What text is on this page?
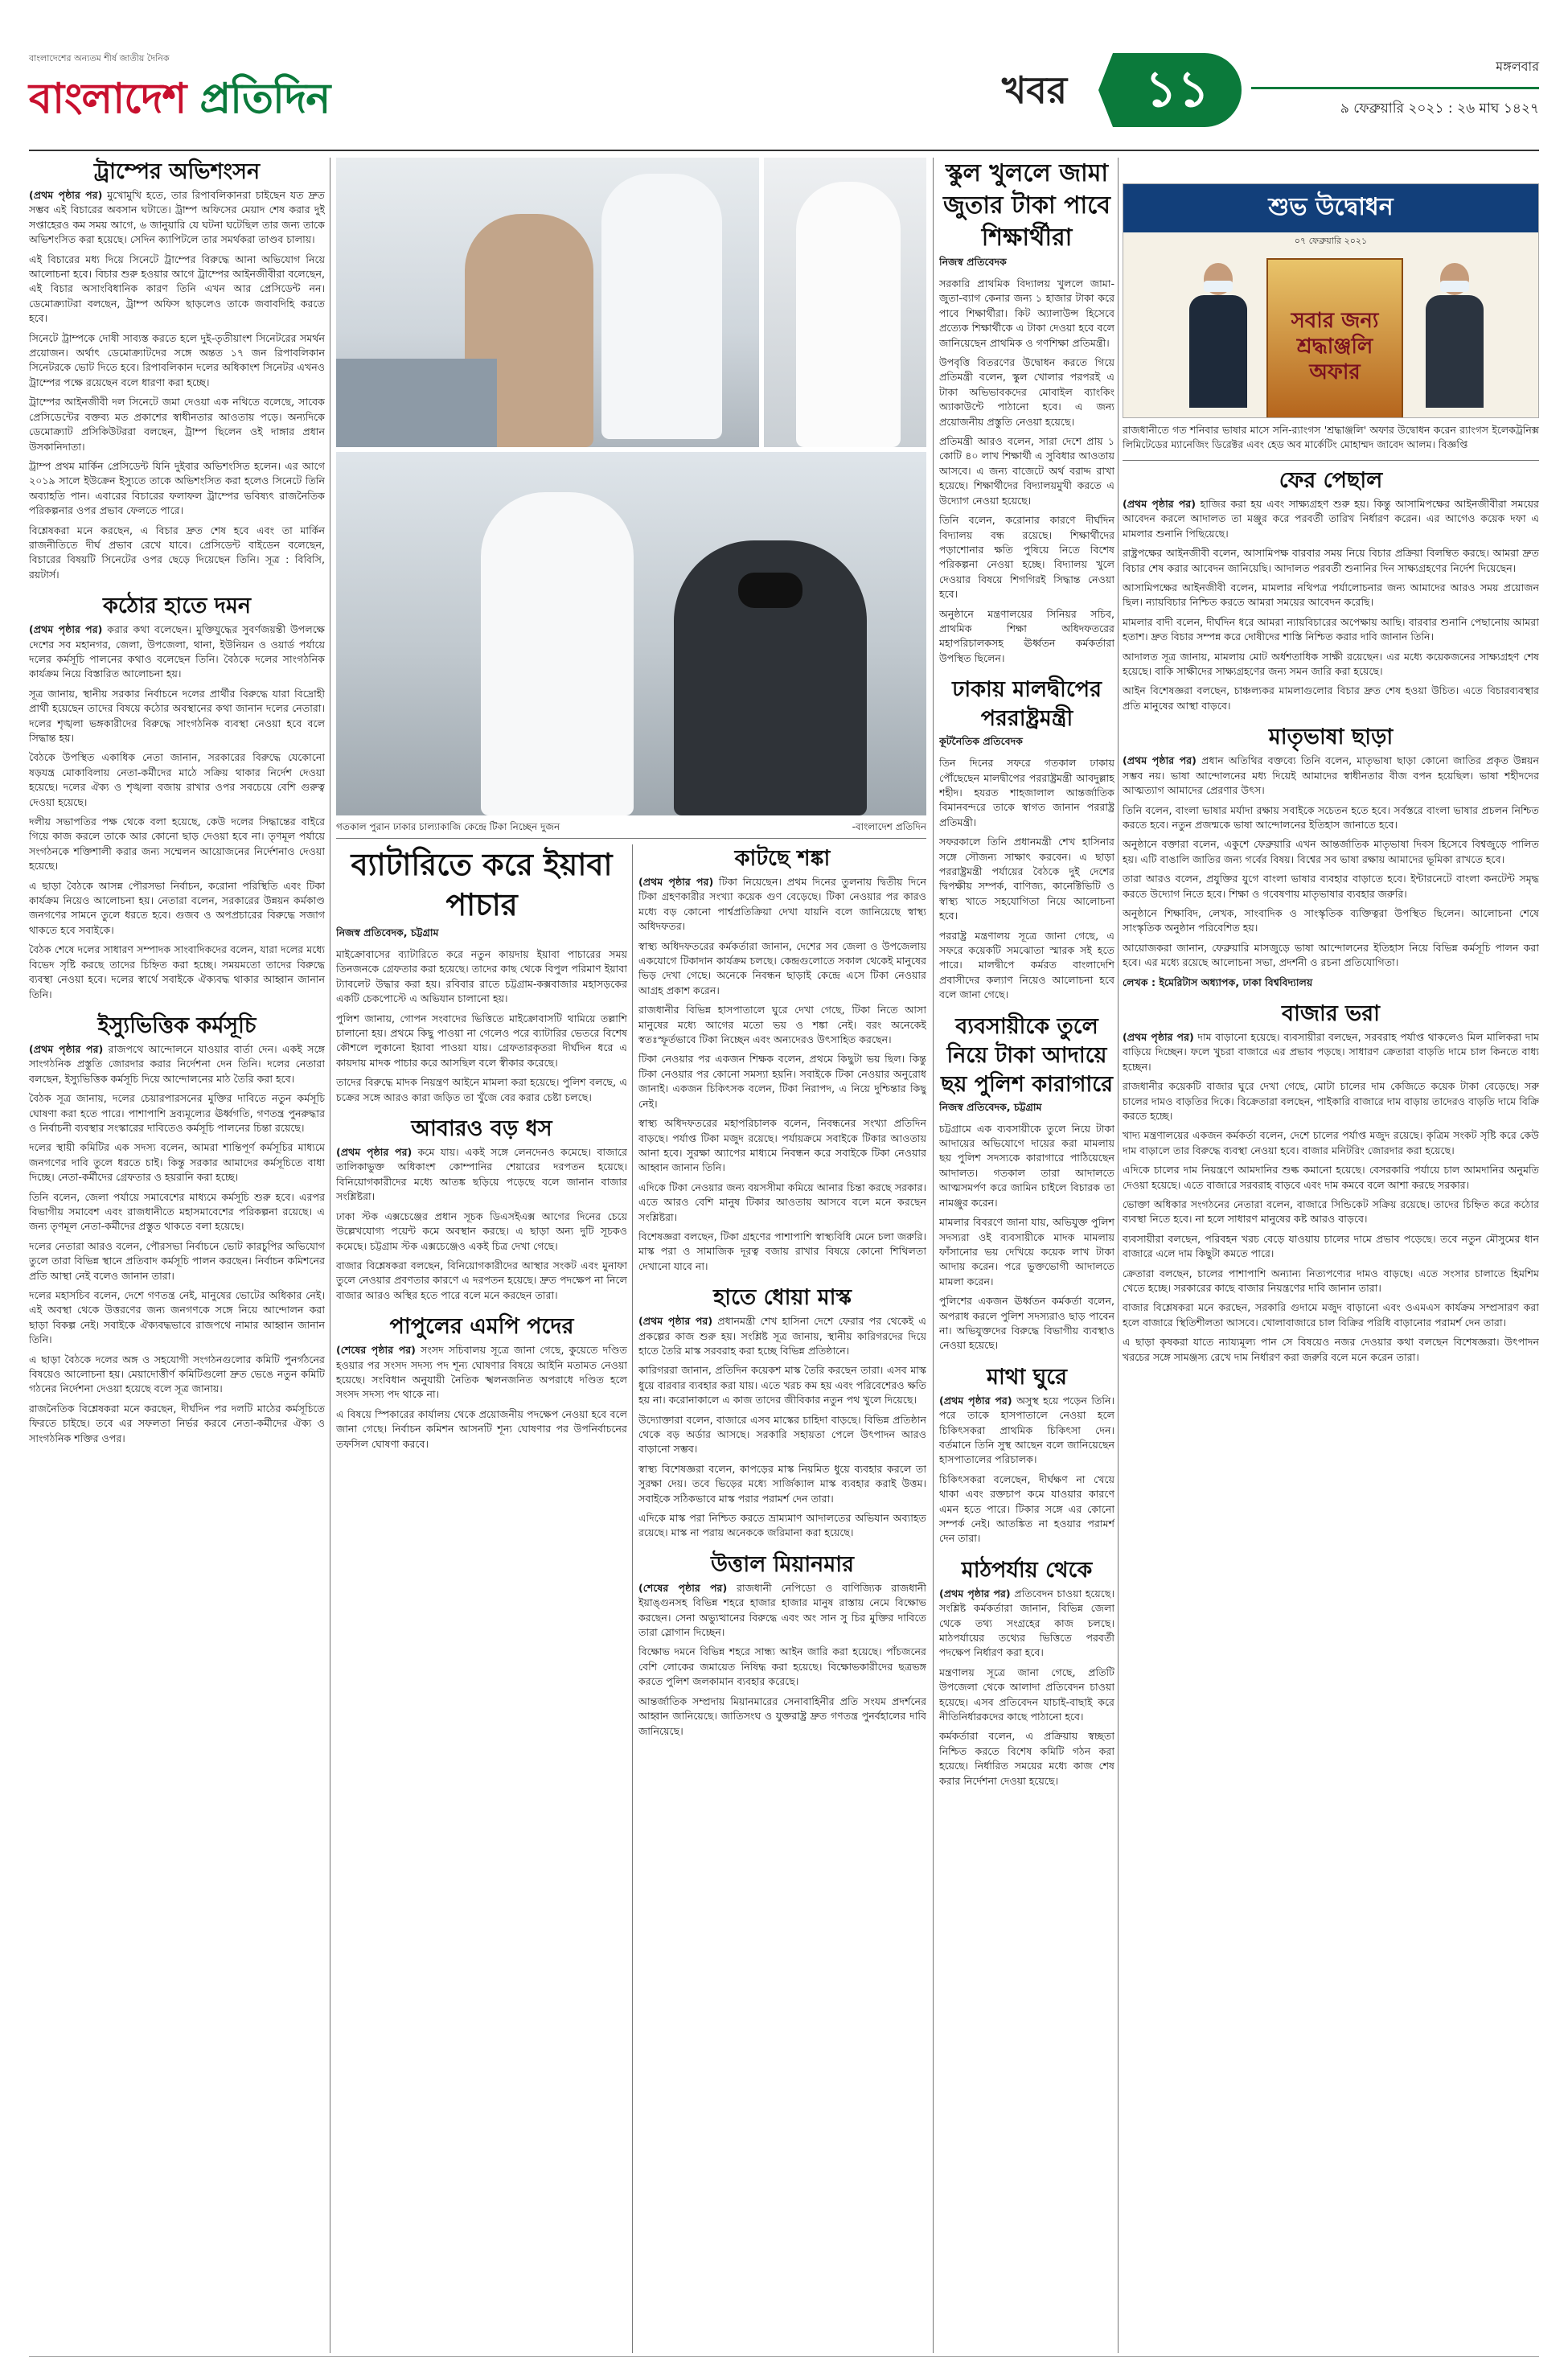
বাংলাদেশের অন্যতম শীর্ষ জাতীয় দৈনিক
বাংলাদেশ প্রতিদিন	খবর	১১	মঙ্গলবার
৯ ফেব্রুয়ারি ২০২১ : ২৬ মাঘ ১৪২৭
ট্রাম্পের অভিশংসন

(প্রথম পৃষ্ঠার পর) মুখোমুখি হতে, তার রিপাবলিকানরা চাইছেন যত দ্রুত সম্ভব এই বিচারের অবসান ঘটাতে। ট্রাম্প অফিসের মেয়াদ শেষ করার দুই সপ্তাহেরও কম সময় আগে, ৬ জানুয়ারি যে ঘটনা ঘটেছিল তার জন্য তাকে অভিশংসিত করা হয়েছে। সেদিন ক্যাপিটলে তার সমর্থকরা তাণ্ডব চালায়।

এই বিচারের মধ্য দিয়ে সিনেটে ট্রাম্পের বিরুদ্ধে আনা অভিযোগ নিয়ে আলোচনা হবে। বিচার শুরু হওয়ার আগে ট্রাম্পের আইনজীবীরা বলেছেন, এই বিচার অসাংবিধানিক কারণ তিনি এখন আর প্রেসিডেন্ট নন। ডেমোক্র্যাটরা বলছেন, ট্রাম্প অফিস ছাড়লেও তাকে জবাবদিহি করতে হবে।

সিনেটে ট্রাম্পকে দোষী সাব্যস্ত করতে হলে দুই-তৃতীয়াংশ সিনেটরের সমর্থন প্রয়োজন। অর্থাৎ ডেমোক্র্যাটদের সঙ্গে অন্তত ১৭ জন রিপাবলিকান সিনেটরকে ভোট দিতে হবে। রিপাবলিকান দলের অধিকাংশ সিনেটর এখনও ট্রাম্পের পক্ষে রয়েছেন বলে ধারণা করা হচ্ছে।

ট্রাম্পের আইনজীবী দল সিনেটে জমা দেওয়া এক নথিতে বলেছে, সাবেক প্রেসিডেন্টের বক্তব্য মত প্রকাশের স্বাধীনতার আওতায় পড়ে। অন্যদিকে ডেমোক্র্যাট প্রসিকিউটররা বলছেন, ট্রাম্প ছিলেন ওই দাঙ্গার প্রধান উসকানিদাতা।

ট্রাম্প প্রথম মার্কিন প্রেসিডেন্ট যিনি দুইবার অভিশংসিত হলেন। এর আগে ২০১৯ সালে ইউক্রেন ইস্যুতে তাকে অভিশংসিত করা হলেও সিনেটে তিনি অব্যাহতি পান। এবারের বিচারের ফলাফল ট্রাম্পের ভবিষ্যৎ রাজনৈতিক পরিকল্পনার ওপর প্রভাব ফেলতে পারে।

বিশ্লেষকরা মনে করছেন, এ বিচার দ্রুত শেষ হবে এবং তা মার্কিন রাজনীতিতে দীর্ঘ প্রভাব রেখে যাবে। প্রেসিডেন্ট বাইডেন বলেছেন, বিচারের বিষয়টি সিনেটের ওপর ছেড়ে দিয়েছেন তিনি। সূত্র : বিবিসি, রয়টার্স।

কঠোর হাতে দমন

(প্রথম পৃষ্ঠার পর) করার কথা বলেছেন। মুক্তিযুদ্ধের সুবর্ণজয়ন্তী উপলক্ষে দেশের সব মহানগর, জেলা, উপজেলা, থানা, ইউনিয়ন ও ওয়ার্ড পর্যায়ে দলের কর্মসূচি পালনের কথাও বলেছেন তিনি। বৈঠকে দলের সাংগঠনিক কার্যক্রম নিয়ে বিস্তারিত আলোচনা হয়।

সূত্র জানায়, স্থানীয় সরকার নির্বাচনে দলের প্রার্থীর বিরুদ্ধে যারা বিদ্রোহী প্রার্থী হয়েছেন তাদের বিষয়ে কঠোর অবস্থানের কথা জানান দলের নেতারা। দলের শৃঙ্খলা ভঙ্গকারীদের বিরুদ্ধে সাংগঠনিক ব্যবস্থা নেওয়া হবে বলে সিদ্ধান্ত হয়।

বৈঠকে উপস্থিত একাধিক নেতা জানান, সরকারের বিরুদ্ধে যেকোনো ষড়যন্ত্র মোকাবিলায় নেতা-কর্মীদের মাঠে সক্রিয় থাকার নির্দেশ দেওয়া হয়েছে। দলের ঐক্য ও শৃঙ্খলা বজায় রাখার ওপর সবচেয়ে বেশি গুরুত্ব দেওয়া হয়েছে।

দলীয় সভাপতির পক্ষ থেকে বলা হয়েছে, কেউ দলের সিদ্ধান্তের বাইরে গিয়ে কাজ করলে তাকে আর কোনো ছাড় দেওয়া হবে না। তৃণমূল পর্যায়ে সংগঠনকে শক্তিশালী করার জন্য সম্মেলন আয়োজনের নির্দেশনাও দেওয়া হয়েছে।

এ ছাড়া বৈঠকে আসন্ন পৌরসভা নির্বাচন, করোনা পরিস্থিতি এবং টিকা কার্যক্রম নিয়েও আলোচনা হয়। নেতারা বলেন, সরকারের উন্নয়ন কর্মকাণ্ড জনগণের সামনে তুলে ধরতে হবে। গুজব ও অপপ্রচারের বিরুদ্ধে সজাগ থাকতে হবে সবাইকে।

বৈঠক শেষে দলের সাধারণ সম্পাদক সাংবাদিকদের বলেন, যারা দলের মধ্যে বিভেদ সৃষ্টি করছে তাদের চিহ্নিত করা হচ্ছে। সময়মতো তাদের বিরুদ্ধে ব্যবস্থা নেওয়া হবে। দলের স্বার্থে সবাইকে ঐক্যবদ্ধ থাকার আহ্বান জানান তিনি।

ইস্যুভিত্তিক কর্মসূচি

(প্রথম পৃষ্ঠার পর) রাজপথে আন্দোলনে যাওয়ার বার্তা দেন। একই সঙ্গে সাংগঠনিক প্রস্তুতি জোরদার করার নির্দেশনা দেন তিনি। দলের নেতারা বলছেন, ইস্যুভিত্তিক কর্মসূচি দিয়ে আন্দোলনের মাঠ তৈরি করা হবে।

বৈঠক সূত্র জানায়, দলের চেয়ারপারসনের মুক্তির দাবিতে নতুন কর্মসূচি ঘোষণা করা হতে পারে। পাশাপাশি দ্রব্যমূল্যের ঊর্ধ্বগতি, গণতন্ত্র পুনরুদ্ধার ও নির্বাচনী ব্যবস্থার সংস্কারের দাবিতেও কর্মসূচি পালনের চিন্তা রয়েছে।

দলের স্থায়ী কমিটির এক সদস্য বলেন, আমরা শান্তিপূর্ণ কর্মসূচির মাধ্যমে জনগণের দাবি তুলে ধরতে চাই। কিন্তু সরকার আমাদের কর্মসূচিতে বাধা দিচ্ছে। নেতা-কর্মীদের গ্রেফতার ও হয়রানি করা হচ্ছে।

তিনি বলেন, জেলা পর্যায়ে সমাবেশের মাধ্যমে কর্মসূচি শুরু হবে। এরপর বিভাগীয় সমাবেশ এবং রাজধানীতে মহাসমাবেশের পরিকল্পনা রয়েছে। এ জন্য তৃণমূল নেতা-কর্মীদের প্রস্তুত থাকতে বলা হয়েছে।

দলের নেতারা আরও বলেন, পৌরসভা নির্বাচনে ভোট কারচুপির অভিযোগ তুলে তারা বিভিন্ন স্থানে প্রতিবাদ কর্মসূচি পালন করছেন। নির্বাচন কমিশনের প্রতি আস্থা নেই বলেও জানান তারা।

দলের মহাসচিব বলেন, দেশে গণতন্ত্র নেই, মানুষের ভোটের অধিকার নেই। এই অবস্থা থেকে উত্তরণের জন্য জনগণকে সঙ্গে নিয়ে আন্দোলন করা ছাড়া বিকল্প নেই। সবাইকে ঐক্যবদ্ধভাবে রাজপথে নামার আহ্বান জানান তিনি।

এ ছাড়া বৈঠকে দলের অঙ্গ ও সহযোগী সংগঠনগুলোর কমিটি পুনর্গঠনের বিষয়েও আলোচনা হয়। মেয়াদোত্তীর্ণ কমিটিগুলো দ্রুত ভেঙে নতুন কমিটি গঠনের নির্দেশনা দেওয়া হয়েছে বলে সূত্র জানায়।

রাজনৈতিক বিশ্লেষকরা মনে করছেন, দীর্ঘদিন পর দলটি মাঠের কর্মসূচিতে ফিরতে চাইছে। তবে এর সফলতা নির্ভর করবে নেতা-কর্মীদের ঐক্য ও সাংগঠনিক শক্তির ওপর।

গতকাল পুরান ঢাকার চাল্যাকাজি কেন্দ্রে টিকা নিচ্ছেন দুজন	-বাংলাদেশ প্রতিদিন
ব্যাটারিতে করে ইয়াবা পাচার
নিজস্ব প্রতিবেদক, চট্টগ্রাম

মাইক্রোবাসের ব্যাটারিতে করে নতুন কায়দায় ইয়াবা পাচারের সময় তিনজনকে গ্রেফতার করা হয়েছে। তাদের কাছ থেকে বিপুল পরিমাণ ইয়াবা ট্যাবলেট উদ্ধার করা হয়। রবিবার রাতে চট্টগ্রাম-কক্সবাজার মহাসড়কের একটি চেকপোস্টে এ অভিযান চালানো হয়।

পুলিশ জানায়, গোপন সংবাদের ভিত্তিতে মাইক্রোবাসটি থামিয়ে তল্লাশি চালানো হয়। প্রথমে কিছু পাওয়া না গেলেও পরে ব্যাটারির ভেতরে বিশেষ কৌশলে লুকানো ইয়াবা পাওয়া যায়। গ্রেফতারকৃতরা দীর্ঘদিন ধরে এ কায়দায় মাদক পাচার করে আসছিল বলে স্বীকার করেছে।

তাদের বিরুদ্ধে মাদক নিয়ন্ত্রণ আইনে মামলা করা হয়েছে। পুলিশ বলছে, এ চক্রের সঙ্গে আরও কারা জড়িত তা খুঁজে বের করার চেষ্টা চলছে।

আবারও বড় ধস

(প্রথম পৃষ্ঠার পর) কমে যায়। একই সঙ্গে লেনদেনও কমেছে। বাজারে তালিকাভুক্ত অধিকাংশ কোম্পানির শেয়ারের দরপতন হয়েছে। বিনিয়োগকারীদের মধ্যে আতঙ্ক ছড়িয়ে পড়েছে বলে জানান বাজার সংশ্লিষ্টরা।

ঢাকা স্টক এক্সচেঞ্জের প্রধান সূচক ডিএসইএক্স আগের দিনের চেয়ে উল্লেখযোগ্য পয়েন্ট কমে অবস্থান করছে। এ ছাড়া অন্য দুটি সূচকও কমেছে। চট্টগ্রাম স্টক এক্সচেঞ্জেও একই চিত্র দেখা গেছে।

বাজার বিশ্লেষকরা বলছেন, বিনিয়োগকারীদের আস্থার সংকট এবং মুনাফা তুলে নেওয়ার প্রবণতার কারণে এ দরপতন হয়েছে। দ্রুত পদক্ষেপ না নিলে বাজার আরও অস্থির হতে পারে বলে মনে করছেন তারা।

পাপুলের এমপি পদের

(শেষের পৃষ্ঠার পর) সংসদ সচিবালয় সূত্রে জানা গেছে, কুয়েতে দণ্ডিত হওয়ার পর সংসদ সদস্য পদ শূন্য ঘোষণার বিষয়ে আইনি মতামত নেওয়া হয়েছে। সংবিধান অনুযায়ী নৈতিক স্খলনজনিত অপরাধে দণ্ডিত হলে সংসদ সদস্য পদ থাকে না।

এ বিষয়ে স্পিকারের কার্যালয় থেকে প্রয়োজনীয় পদক্ষেপ নেওয়া হবে বলে জানা গেছে। নির্বাচন কমিশন আসনটি শূন্য ঘোষণার পর উপনির্বাচনের তফসিল ঘোষণা করবে।

কাটছে শঙ্কা

(প্রথম পৃষ্ঠার পর) টিকা নিয়েছেন। প্রথম দিনের তুলনায় দ্বিতীয় দিনে টিকা গ্রহণকারীর সংখ্যা কয়েক গুণ বেড়েছে। টিকা নেওয়ার পর কারও মধ্যে বড় কোনো পার্শ্বপ্রতিক্রিয়া দেখা যায়নি বলে জানিয়েছে স্বাস্থ্য অধিদফতর।

স্বাস্থ্য অধিদফতরের কর্মকর্তারা জানান, দেশের সব জেলা ও উপজেলায় একযোগে টিকাদান কার্যক্রম চলছে। কেন্দ্রগুলোতে সকাল থেকেই মানুষের ভিড় দেখা গেছে। অনেকে নিবন্ধন ছাড়াই কেন্দ্রে এসে টিকা নেওয়ার আগ্রহ প্রকাশ করেন।

রাজধানীর বিভিন্ন হাসপাতালে ঘুরে দেখা গেছে, টিকা নিতে আসা মানুষের মধ্যে আগের মতো ভয় ও শঙ্কা নেই। বরং অনেকেই স্বতঃস্ফূর্তভাবে টিকা নিচ্ছেন এবং অন্যদেরও উৎসাহিত করছেন।

টিকা নেওয়ার পর একজন শিক্ষক বলেন, প্রথমে কিছুটা ভয় ছিল। কিন্তু টিকা নেওয়ার পর কোনো সমস্যা হয়নি। সবাইকে টিকা নেওয়ার অনুরোধ জানাই। একজন চিকিৎসক বলেন, টিকা নিরাপদ, এ নিয়ে দুশ্চিন্তার কিছু নেই।

স্বাস্থ্য অধিদফতরের মহাপরিচালক বলেন, নিবন্ধনের সংখ্যা প্রতিদিন বাড়ছে। পর্যাপ্ত টিকা মজুদ রয়েছে। পর্যায়ক্রমে সবাইকে টিকার আওতায় আনা হবে। সুরক্ষা অ্যাপের মাধ্যমে নিবন্ধন করে সবাইকে টিকা নেওয়ার আহ্বান জানান তিনি।

এদিকে টিকা নেওয়ার জন্য বয়সসীমা কমিয়ে আনার চিন্তা করছে সরকার। এতে আরও বেশি মানুষ টিকার আওতায় আসবে বলে মনে করছেন সংশ্লিষ্টরা।

বিশেষজ্ঞরা বলছেন, টিকা গ্রহণের পাশাপাশি স্বাস্থ্যবিধি মেনে চলা জরুরি। মাস্ক পরা ও সামাজিক দূরত্ব বজায় রাখার বিষয়ে কোনো শিথিলতা দেখানো যাবে না।

হাতে ধোয়া মাস্ক

(প্রথম পৃষ্ঠার পর) প্রধানমন্ত্রী শেখ হাসিনা দেশে ফেরার পর থেকেই এ প্রকল্পের কাজ শুরু হয়। সংশ্লিষ্ট সূত্র জানায়, স্থানীয় কারিগরদের দিয়ে হাতে তৈরি মাস্ক সরবরাহ করা হচ্ছে বিভিন্ন প্রতিষ্ঠানে।

কারিগররা জানান, প্রতিদিন কয়েকশ মাস্ক তৈরি করছেন তারা। এসব মাস্ক ধুয়ে বারবার ব্যবহার করা যায়। এতে খরচ কম হয় এবং পরিবেশেরও ক্ষতি হয় না। করোনাকালে এ কাজ তাদের জীবিকার নতুন পথ খুলে দিয়েছে।

উদ্যোক্তারা বলেন, বাজারে এসব মাস্কের চাহিদা বাড়ছে। বিভিন্ন প্রতিষ্ঠান থেকে বড় অর্ডার আসছে। সরকারি সহায়তা পেলে উৎপাদন আরও বাড়ানো সম্ভব।

স্বাস্থ্য বিশেষজ্ঞরা বলেন, কাপড়ের মাস্ক নিয়মিত ধুয়ে ব্যবহার করলে তা সুরক্ষা দেয়। তবে ভিড়ের মধ্যে সার্জিক্যাল মাস্ক ব্যবহার করাই উত্তম। সবাইকে সঠিকভাবে মাস্ক পরার পরামর্শ দেন তারা।

এদিকে মাস্ক পরা নিশ্চিত করতে ভ্রাম্যমাণ আদালতের অভিযান অব্যাহত রয়েছে। মাস্ক না পরায় অনেককে জরিমানা করা হয়েছে।

উত্তাল মিয়ানমার

(শেষের পৃষ্ঠার পর) রাজধানী নেপিডো ও বাণিজ্যিক রাজধানী ইয়াঙ্গুনসহ বিভিন্ন শহরে হাজার হাজার মানুষ রাস্তায় নেমে বিক্ষোভ করছেন। সেনা অভ্যুত্থানের বিরুদ্ধে এবং অং সান সু চির মুক্তির দাবিতে তারা স্লোগান দিচ্ছেন।

বিক্ষোভ দমনে বিভিন্ন শহরে সান্ধ্য আইন জারি করা হয়েছে। পাঁচজনের বেশি লোকের জমায়েত নিষিদ্ধ করা হয়েছে। বিক্ষোভকারীদের ছত্রভঙ্গ করতে পুলিশ জলকামান ব্যবহার করেছে।

আন্তর্জাতিক সম্প্রদায় মিয়ানমারের সেনাবাহিনীর প্রতি সংযম প্রদর্শনের আহ্বান জানিয়েছে। জাতিসংঘ ও যুক্তরাষ্ট্র দ্রুত গণতন্ত্র পুনর্বহালের দাবি জানিয়েছে।

স্কুল খুললে জামা জুতার টাকা পাবে শিক্ষার্থীরা
নিজস্ব প্রতিবেদক

সরকারি প্রাথমিক বিদ্যালয় খুললে জামা-জুতা-ব্যাগ কেনার জন্য ১ হাজার টাকা করে পাবে শিক্ষার্থীরা। কিট অ্যালাউন্স হিসেবে প্রত্যেক শিক্ষার্থীকে এ টাকা দেওয়া হবে বলে জানিয়েছেন প্রাথমিক ও গণশিক্ষা প্রতিমন্ত্রী।

উপবৃত্তি বিতরণের উদ্বোধন করতে গিয়ে প্রতিমন্ত্রী বলেন, স্কুল খোলার পরপরই এ টাকা অভিভাবকদের মোবাইল ব্যাংকিং অ্যাকাউন্টে পাঠানো হবে। এ জন্য প্রয়োজনীয় প্রস্তুতি নেওয়া হয়েছে।

প্রতিমন্ত্রী আরও বলেন, সারা দেশে প্রায় ১ কোটি ৪০ লাখ শিক্ষার্থী এ সুবিধার আওতায় আসবে। এ জন্য বাজেটে অর্থ বরাদ্দ রাখা হয়েছে। শিক্ষার্থীদের বিদ্যালয়মুখী করতে এ উদ্যোগ নেওয়া হয়েছে।

তিনি বলেন, করোনার কারণে দীর্ঘদিন বিদ্যালয় বন্ধ রয়েছে। শিক্ষার্থীদের পড়াশোনার ক্ষতি পুষিয়ে নিতে বিশেষ পরিকল্পনা নেওয়া হচ্ছে। বিদ্যালয় খুলে দেওয়ার বিষয়ে শিগগিরই সিদ্ধান্ত নেওয়া হবে।

অনুষ্ঠানে মন্ত্রণালয়ের সিনিয়র সচিব, প্রাথমিক শিক্ষা অধিদফতরের মহাপরিচালকসহ ঊর্ধ্বতন কর্মকর্তারা উপস্থিত ছিলেন।

ঢাকায় মালদ্বীপের পররাষ্ট্রমন্ত্রী
কূটনৈতিক প্রতিবেদক

তিন দিনের সফরে গতকাল ঢাকায় পৌঁছেছেন মালদ্বীপের পররাষ্ট্রমন্ত্রী আবদুল্লাহ শহীদ। হযরত শাহজালাল আন্তর্জাতিক বিমানবন্দরে তাকে স্বাগত জানান পররাষ্ট্র প্রতিমন্ত্রী।

সফরকালে তিনি প্রধানমন্ত্রী শেখ হাসিনার সঙ্গে সৌজন্য সাক্ষাৎ করবেন। এ ছাড়া পররাষ্ট্রমন্ত্রী পর্যায়ের বৈঠকে দুই দেশের দ্বিপক্ষীয় সম্পর্ক, বাণিজ্য, কানেক্টিভিটি ও স্বাস্থ্য খাতে সহযোগিতা নিয়ে আলোচনা হবে।

পররাষ্ট্র মন্ত্রণালয় সূত্রে জানা গেছে, এ সফরে কয়েকটি সমঝোতা স্মারক সই হতে পারে। মালদ্বীপে কর্মরত বাংলাদেশি প্রবাসীদের কল্যাণ নিয়েও আলোচনা হবে বলে জানা গেছে।

ব্যবসায়ীকে তুলে নিয়ে টাকা আদায়ে ছয় পুলিশ কারাগারে
নিজস্ব প্রতিবেদক, চট্টগ্রাম

চট্টগ্রামে এক ব্যবসায়ীকে তুলে নিয়ে টাকা আদায়ের অভিযোগে দায়ের করা মামলায় ছয় পুলিশ সদস্যকে কারাগারে পাঠিয়েছেন আদালত। গতকাল তারা আদালতে আত্মসমর্পণ করে জামিন চাইলে বিচারক তা নামঞ্জুর করেন।

মামলার বিবরণে জানা যায়, অভিযুক্ত পুলিশ সদস্যরা ওই ব্যবসায়ীকে মাদক মামলায় ফাঁসানোর ভয় দেখিয়ে কয়েক লাখ টাকা আদায় করেন। পরে ভুক্তভোগী আদালতে মামলা করেন।

পুলিশের একজন ঊর্ধ্বতন কর্মকর্তা বলেন, অপরাধ করলে পুলিশ সদস্যরাও ছাড় পাবেন না। অভিযুক্তদের বিরুদ্ধে বিভাগীয় ব্যবস্থাও নেওয়া হয়েছে।

মাথা ঘুরে

(প্রথম পৃষ্ঠার পর) অসুস্থ হয়ে পড়েন তিনি। পরে তাকে হাসপাতালে নেওয়া হলে চিকিৎসকরা প্রাথমিক চিকিৎসা দেন। বর্তমানে তিনি সুস্থ আছেন বলে জানিয়েছেন হাসপাতালের পরিচালক।

চিকিৎসকরা বলেছেন, দীর্ঘক্ষণ না খেয়ে থাকা এবং রক্তচাপ কমে যাওয়ার কারণে এমন হতে পারে। টিকার সঙ্গে এর কোনো সম্পর্ক নেই। আতঙ্কিত না হওয়ার পরামর্শ দেন তারা।

মাঠপর্যায় থেকে

(প্রথম পৃষ্ঠার পর) প্রতিবেদন চাওয়া হয়েছে। সংশ্লিষ্ট কর্মকর্তারা জানান, বিভিন্ন জেলা থেকে তথ্য সংগ্রহের কাজ চলছে। মাঠপর্যায়ের তথ্যের ভিত্তিতে পরবর্তী পদক্ষেপ নির্ধারণ করা হবে।

মন্ত্রণালয় সূত্রে জানা গেছে, প্রতিটি উপজেলা থেকে আলাদা প্রতিবেদন চাওয়া হয়েছে। এসব প্রতিবেদন যাচাই-বাছাই করে নীতিনির্ধারকদের কাছে পাঠানো হবে।

কর্মকর্তারা বলেন, এ প্রক্রিয়ায় স্বচ্ছতা নিশ্চিত করতে বিশেষ কমিটি গঠন করা হয়েছে। নির্ধারিত সময়ের মধ্যে কাজ শেষ করার নির্দেশনা দেওয়া হয়েছে।

শুভ উদ্বোধন
০৭ ফেব্রুয়ারি ২০২১
সবার জন্য শ্রদ্ধাঞ্জলি অফার
রাজধানীতে গত শনিবার ভাষার মাসে সনি-র‍্যাংগস 'শ্রদ্ধাঞ্জলি' অফার উদ্বোধন করেন র‍্যাংগস ইলেকট্রনিক্স লিমিটেডের ম্যানেজিং ডিরেক্টর এবং হেড অব মার্কেটিং মোহাম্মদ জাবেদ আলম। বিজ্ঞপ্তি
ফের পেছাল

(প্রথম পৃষ্ঠার পর) হাজির করা হয় এবং সাক্ষ্যগ্রহণ শুরু হয়। কিন্তু আসামিপক্ষের আইনজীবীরা সময়ের আবেদন করলে আদালত তা মঞ্জুর করে পরবর্তী তারিখ নির্ধারণ করেন। এর আগেও কয়েক দফা এ মামলার শুনানি পিছিয়েছে।

রাষ্ট্রপক্ষের আইনজীবী বলেন, আসামিপক্ষ বারবার সময় নিয়ে বিচার প্রক্রিয়া বিলম্বিত করছে। আমরা দ্রুত বিচার শেষ করার আবেদন জানিয়েছি। আদালত পরবর্তী শুনানির দিন সাক্ষ্যগ্রহণের নির্দেশ দিয়েছেন।

আসামিপক্ষের আইনজীবী বলেন, মামলার নথিপত্র পর্যালোচনার জন্য আমাদের আরও সময় প্রয়োজন ছিল। ন্যায়বিচার নিশ্চিত করতে আমরা সময়ের আবেদন করেছি।

মামলার বাদী বলেন, দীর্ঘদিন ধরে আমরা ন্যায়বিচারের অপেক্ষায় আছি। বারবার শুনানি পেছানোয় আমরা হতাশ। দ্রুত বিচার সম্পন্ন করে দোষীদের শাস্তি নিশ্চিত করার দাবি জানান তিনি।

আদালত সূত্র জানায়, মামলায় মোট অর্ধশতাধিক সাক্ষী রয়েছেন। এর মধ্যে কয়েকজনের সাক্ষ্যগ্রহণ শেষ হয়েছে। বাকি সাক্ষীদের সাক্ষ্যগ্রহণের জন্য সমন জারি করা হয়েছে।

আইন বিশেষজ্ঞরা বলছেন, চাঞ্চল্যকর মামলাগুলোর বিচার দ্রুত শেষ হওয়া উচিত। এতে বিচারব্যবস্থার প্রতি মানুষের আস্থা বাড়বে।

মাতৃভাষা ছাড়া

(প্রথম পৃষ্ঠার পর) প্রধান অতিথির বক্তব্যে তিনি বলেন, মাতৃভাষা ছাড়া কোনো জাতির প্রকৃত উন্নয়ন সম্ভব নয়। ভাষা আন্দোলনের মধ্য দিয়েই আমাদের স্বাধীনতার বীজ বপন হয়েছিল। ভাষা শহীদদের আত্মত্যাগ আমাদের প্রেরণার উৎস।

তিনি বলেন, বাংলা ভাষার মর্যাদা রক্ষায় সবাইকে সচেতন হতে হবে। সর্বস্তরে বাংলা ভাষার প্রচলন নিশ্চিত করতে হবে। নতুন প্রজন্মকে ভাষা আন্দোলনের ইতিহাস জানাতে হবে।

অনুষ্ঠানে বক্তারা বলেন, একুশে ফেব্রুয়ারি এখন আন্তর্জাতিক মাতৃভাষা দিবস হিসেবে বিশ্বজুড়ে পালিত হয়। এটি বাঙালি জাতির জন্য গর্বের বিষয়। বিশ্বের সব ভাষা রক্ষায় আমাদের ভূমিকা রাখতে হবে।

তারা আরও বলেন, প্রযুক্তির যুগে বাংলা ভাষার ব্যবহার বাড়াতে হবে। ইন্টারনেটে বাংলা কনটেন্ট সমৃদ্ধ করতে উদ্যোগ নিতে হবে। শিক্ষা ও গবেষণায় মাতৃভাষার ব্যবহার জরুরি।

অনুষ্ঠানে শিক্ষাবিদ, লেখক, সাংবাদিক ও সাংস্কৃতিক ব্যক্তিত্বরা উপস্থিত ছিলেন। আলোচনা শেষে সাংস্কৃতিক অনুষ্ঠান পরিবেশিত হয়।

আয়োজকরা জানান, ফেব্রুয়ারি মাসজুড়ে ভাষা আন্দোলনের ইতিহাস নিয়ে বিভিন্ন কর্মসূচি পালন করা হবে। এর মধ্যে রয়েছে আলোচনা সভা, প্রদর্শনী ও রচনা প্রতিযোগিতা।

লেখক : ইমেরিটাস অধ্যাপক, ঢাকা বিশ্ববিদ্যালয়

বাজার ভরা

(প্রথম পৃষ্ঠার পর) দাম বাড়ানো হয়েছে। ব্যবসায়ীরা বলছেন, সরবরাহ পর্যাপ্ত থাকলেও মিল মালিকরা দাম বাড়িয়ে দিচ্ছেন। ফলে খুচরা বাজারে এর প্রভাব পড়ছে। সাধারণ ক্রেতারা বাড়তি দামে চাল কিনতে বাধ্য হচ্ছেন।

রাজধানীর কয়েকটি বাজার ঘুরে দেখা গেছে, মোটা চালের দাম কেজিতে কয়েক টাকা বেড়েছে। সরু চালের দামও বাড়তির দিকে। বিক্রেতারা বলছেন, পাইকারি বাজারে দাম বাড়ায় তাদেরও বাড়তি দামে বিক্রি করতে হচ্ছে।

খাদ্য মন্ত্রণালয়ের একজন কর্মকর্তা বলেন, দেশে চালের পর্যাপ্ত মজুদ রয়েছে। কৃত্রিম সংকট সৃষ্টি করে কেউ দাম বাড়ালে তার বিরুদ্ধে ব্যবস্থা নেওয়া হবে। বাজার মনিটরিং জোরদার করা হয়েছে।

এদিকে চালের দাম নিয়ন্ত্রণে আমদানির শুল্ক কমানো হয়েছে। বেসরকারি পর্যায়ে চাল আমদানির অনুমতি দেওয়া হয়েছে। এতে বাজারে সরবরাহ বাড়বে এবং দাম কমবে বলে আশা করছে সরকার।

ভোক্তা অধিকার সংগঠনের নেতারা বলেন, বাজারে সিন্ডিকেট সক্রিয় রয়েছে। তাদের চিহ্নিত করে কঠোর ব্যবস্থা নিতে হবে। না হলে সাধারণ মানুষের কষ্ট আরও বাড়বে।

ব্যবসায়ীরা বলছেন, পরিবহন খরচ বেড়ে যাওয়ায় চালের দামে প্রভাব পড়েছে। তবে নতুন মৌসুমের ধান বাজারে এলে দাম কিছুটা কমতে পারে।

ক্রেতারা বলছেন, চালের পাশাপাশি অন্যান্য নিত্যপণ্যের দামও বাড়ছে। এতে সংসার চালাতে হিমশিম খেতে হচ্ছে। সরকারের কাছে বাজার নিয়ন্ত্রণের দাবি জানান তারা।

বাজার বিশ্লেষকরা মনে করছেন, সরকারি গুদামে মজুদ বাড়ানো এবং ওএমএস কার্যক্রম সম্প্রসারণ করা হলে বাজারে স্থিতিশীলতা আসবে। খোলাবাজারে চাল বিক্রির পরিধি বাড়ানোর পরামর্শ দেন তারা।

এ ছাড়া কৃষকরা যাতে ন্যায্যমূল্য পান সে বিষয়েও নজর দেওয়ার কথা বলছেন বিশেষজ্ঞরা। উৎপাদন খরচের সঙ্গে সামঞ্জস্য রেখে দাম নির্ধারণ করা জরুরি বলে মনে করেন তারা।
